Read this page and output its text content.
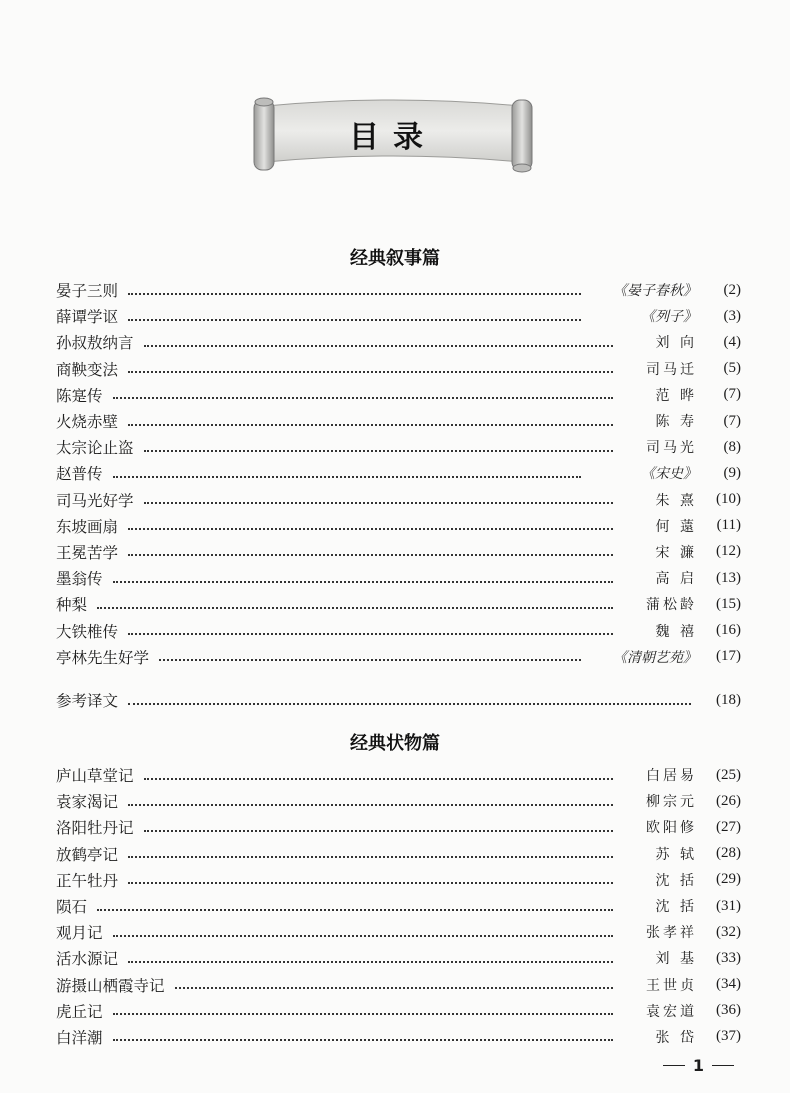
目录
经典叙事篇
晏子三则	《晏子春秋》	(2)
薛谭学讴	《列子》	(3)
孙叔敖纳言	刘 向	(4)
商鞅变法	司马迁	(5)
陈寔传	范 晔	(7)
火烧赤壁	陈 寿	(7)
太宗论止盗	司马光	(8)
赵普传	《宋史》	(9)
司马光好学	朱 熹	(10)
东坡画扇	何 薳	(11)
王冕苦学	宋 濂	(12)
墨翁传	高 启	(13)
种梨	蒲松龄	(15)
大铁椎传	魏 禧	(16)
亭林先生好学	《清朝艺苑》	(17)
参考译文	(18)
经典状物篇
庐山草堂记	白居易	(25)
袁家渴记	柳宗元	(26)
洛阳牡丹记	欧阳修	(27)
放鹤亭记	苏 轼	(28)
正午牡丹	沈 括	(29)
陨石	沈 括	(31)
观月记	张孝祥	(32)
活水源记	刘 基	(33)
游摄山栖霞寺记	王世贞	(34)
虎丘记	袁宏道	(36)
白洋潮	张 岱	(37)
1
